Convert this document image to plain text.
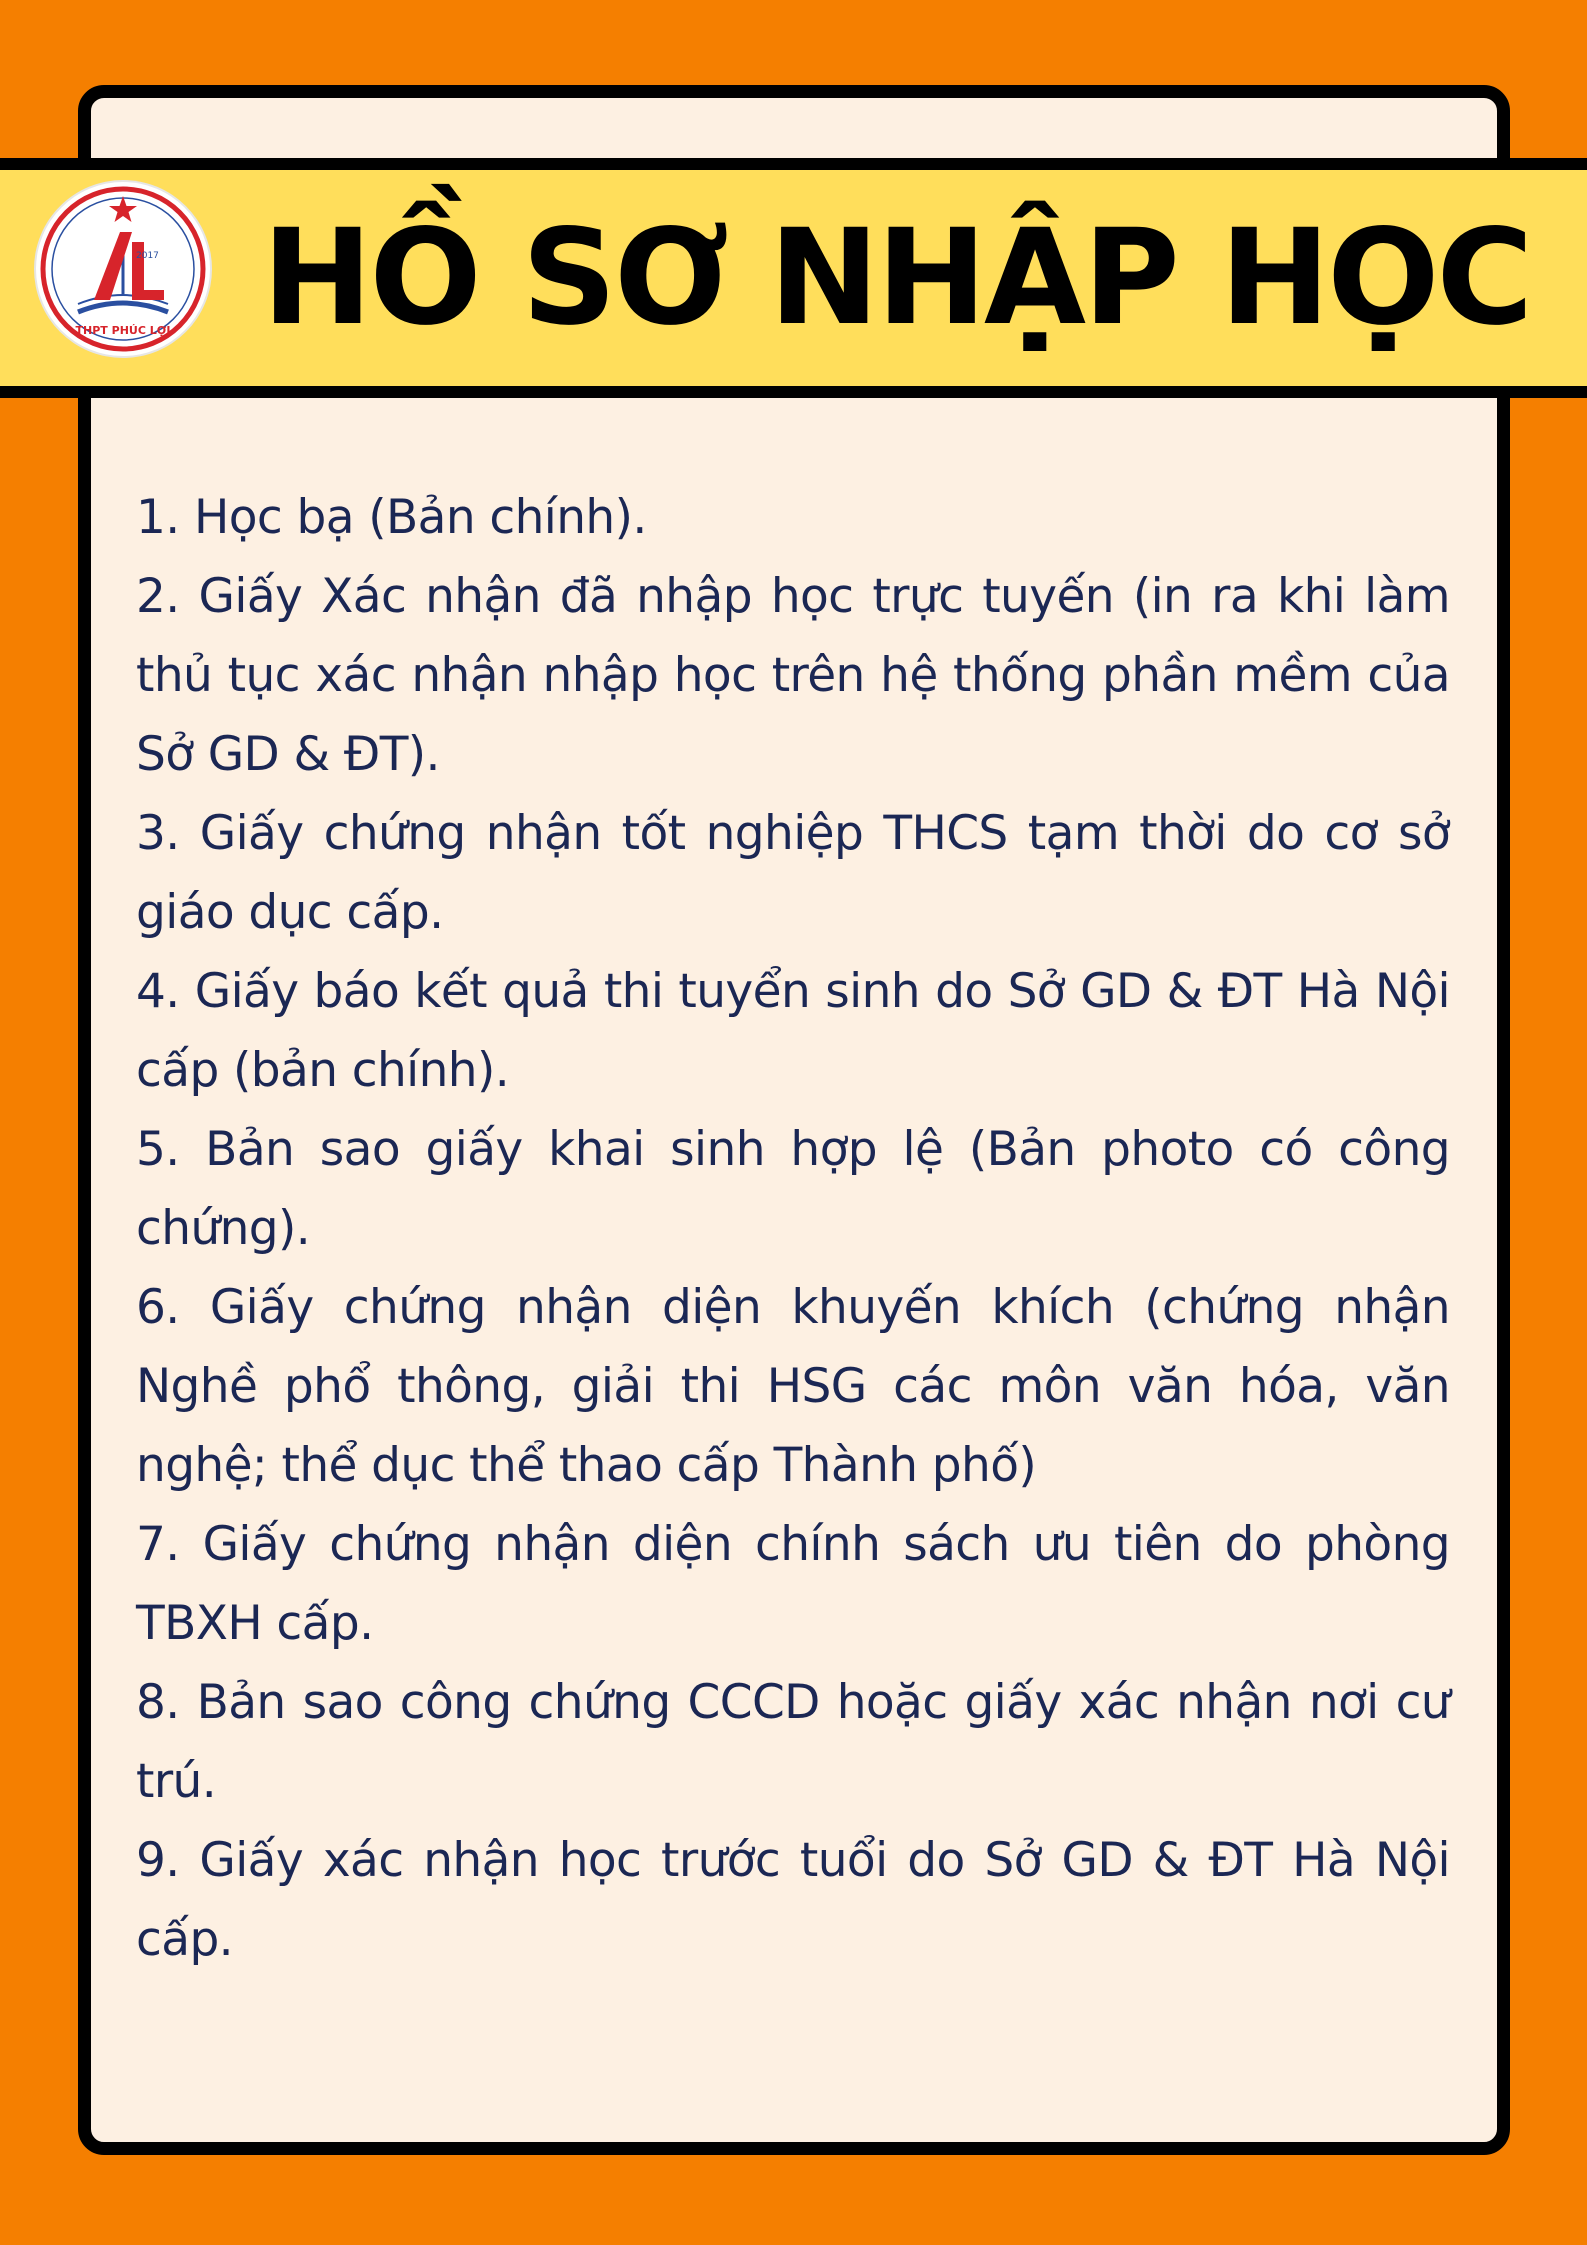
2017
THPT PHÚC LỢI HỒ SƠ NHẬP HỌC
1. Học bạ (Bản chính).
2. Giấy Xác nhận đã nhập học trực tuyến (in ra khi làm thủ tục xác nhận nhập học trên hệ thống phần mềm của Sở GD & ĐT).
3. Giấy chứng nhận tốt nghiệp THCS tạm thời do cơ sở giáo dục cấp.
4. Giấy báo kết quả thi tuyển sinh do Sở GD & ĐT Hà Nội cấp (bản chính).
5. Bản sao giấy khai sinh hợp lệ (Bản photo có công chứng).
6. Giấy chứng nhận diện khuyến khích (chứng nhận Nghề phổ thông, giải thi HSG các môn văn hóa, văn nghệ; thể dục thể thao cấp Thành phố)
7. Giấy chứng nhận diện chính sách ưu tiên do phòng TBXH cấp.
8. Bản sao công chứng CCCD hoặc giấy xác nhận nơi cư trú.
9. Giấy xác nhận học trước tuổi do Sở GD & ĐT Hà Nội cấp.
